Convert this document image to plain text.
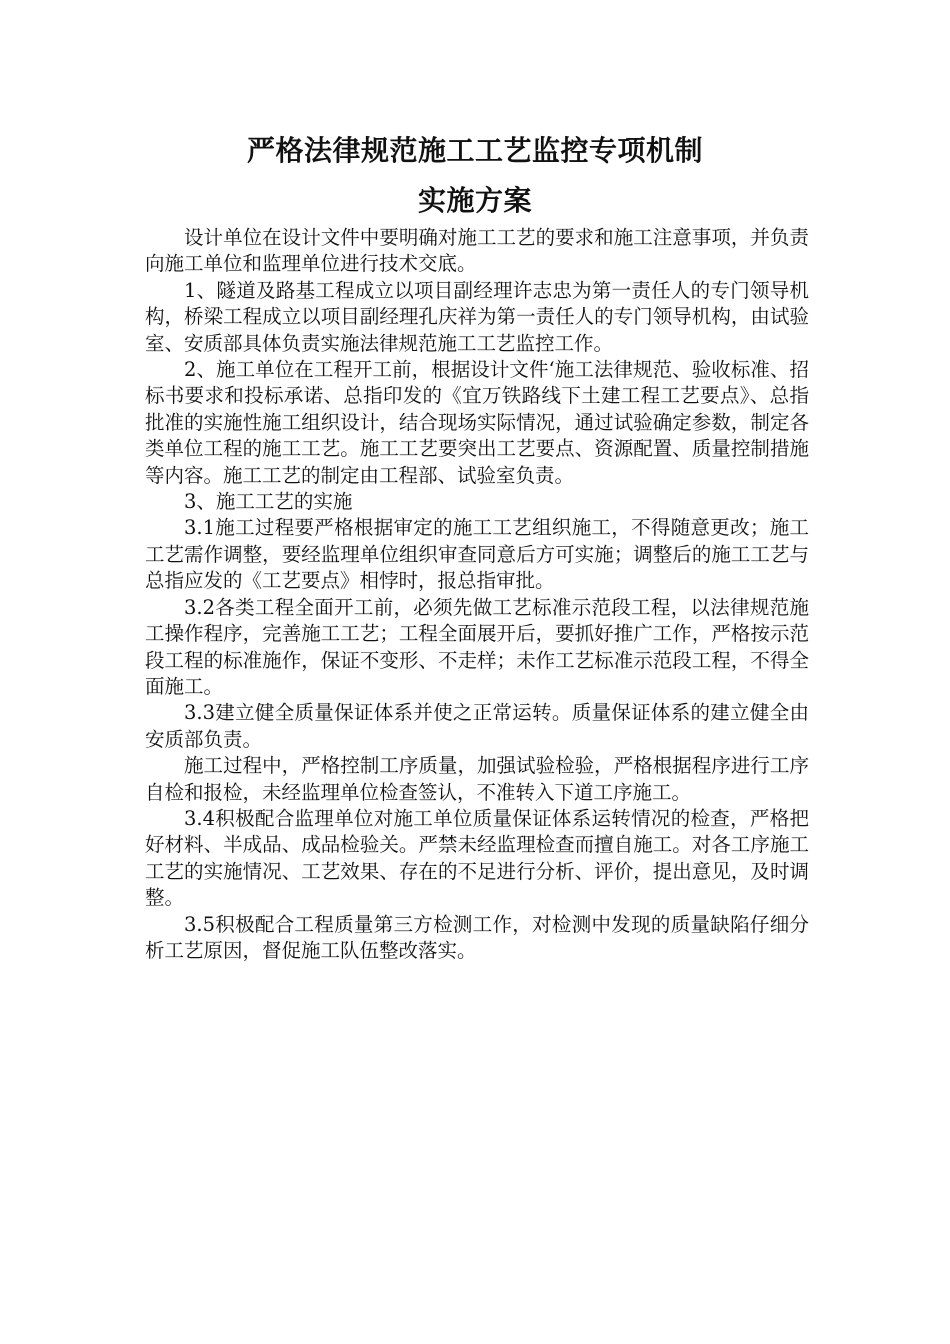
严格法律规范施工工艺监控专项机制
实施方案

设计单位在设计文件中要明确对施工工艺的要求和施工注意事项，并负责向施工单位和监理单位进行技术交底。

1、隧道及路基工程成立以项目副经理许志忠为第一责任人的专门领导机构，桥梁工程成立以项目副经理孔庆祥为第一责任人的专门领导机构，由试验室、安质部具体负责实施法律规范施工工艺监控工作。

2、施工单位在工程开工前，根据设计文件‘施工法律规范、验收标准、招标书要求和投标承诺、总指印发的《宜万铁路线下土建工程工艺要点》、总指批准的实施性施工组织设计，结合现场实际情况，通过试验确定参数，制定各类单位工程的施工工艺。施工工艺要突出工艺要点、资源配置、质量控制措施等内容。施工工艺的制定由工程部、试验室负责。

3、施工工艺的实施

3.1施工过程要严格根据审定的施工工艺组织施工，不得随意更改；施工工艺需作调整，要经监理单位组织审查同意后方可实施；调整后的施工工艺与总指应发的《工艺要点》相悖时，报总指审批。

3.2各类工程全面开工前，必须先做工艺标准示范段工程，以法律规范施工操作程序，完善施工工艺；工程全面展开后，要抓好推广工作，严格按示范段工程的标准施作，保证不变形、不走样；未作工艺标准示范段工程，不得全面施工。

3.3建立健全质量保证体系并使之正常运转。质量保证体系的建立健全由安质部负责。

施工过程中，严格控制工序质量，加强试验检验，严格根据程序进行工序自检和报检，未经监理单位检查签认，不准转入下道工序施工。

3.4积极配合监理单位对施工单位质量保证体系运转情况的检查，严格把好材料、半成品、成品检验关。严禁未经监理检查而擅自施工。对各工序施工工艺的实施情况、工艺效果、存在的不足进行分析、评价，提出意见，及时调整。

3.5积极配合工程质量第三方检测工作，对检测中发现的质量缺陷仔细分析工艺原因，督促施工队伍整改落实。
